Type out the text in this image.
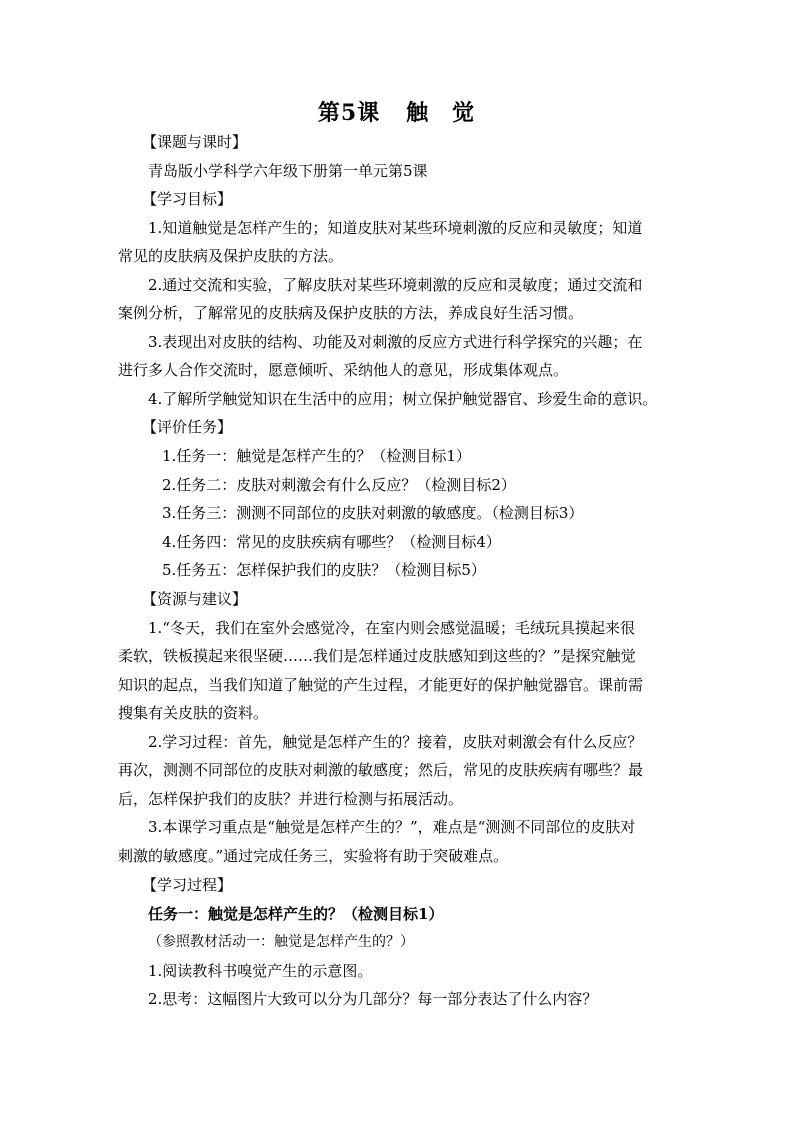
第5课 触　觉
【课题与课时】
青岛版小学科学六年级下册第一单元第5课
【学习目标】
1.知道触觉是怎样产生的；知道皮肤对某些环境刺激的反应和灵敏度；知道
常见的皮肤病及保护皮肤的方法。
2.通过交流和实验，了解皮肤对某些环境刺激的反应和灵敏度；通过交流和
案例分析，了解常见的皮肤病及保护皮肤的方法，养成良好生活习惯。
3.表现出对皮肤的结构、功能及对刺激的反应方式进行科学探究的兴趣；在
进行多人合作交流时，愿意倾听、采纳他人的意见，形成集体观点。
4.了解所学触觉知识在生活中的应用；树立保护触觉器官、珍爱生命的意识。
【评价任务】
1.任务一：触觉是怎样产生的？（检测目标1）
2.任务二：皮肤对刺激会有什么反应？（检测目标2）
3.任务三：测测不同部位的皮肤对刺激的敏感度。（检测目标3）
4.任务四：常见的皮肤疾病有哪些？（检测目标4）
5.任务五：怎样保护我们的皮肤？（检测目标5）
【资源与建议】
1.“冬天，我们在室外会感觉冷，在室内则会感觉温暖；毛绒玩具摸起来很
柔软，铁板摸起来很坚硬……我们是怎样通过皮肤感知到这些的？”是探究触觉
知识的起点，当我们知道了触觉的产生过程，才能更好的保护触觉器官。课前需
搜集有关皮肤的资料。
2.学习过程：首先，触觉是怎样产生的？接着，皮肤对刺激会有什么反应？
再次，测测不同部位的皮肤对刺激的敏感度；然后，常见的皮肤疾病有哪些？最
后，怎样保护我们的皮肤？并进行检测与拓展活动。
3.本课学习重点是“触觉是怎样产生的？”，难点是“测测不同部位的皮肤对
刺激的敏感度。”通过完成任务三，实验将有助于突破难点。
【学习过程】
任务一：触觉是怎样产生的？（检测目标1）
（参照教材活动一：触觉是怎样产生的？）
1.阅读教科书嗅觉产生的示意图。
2.思考：这幅图片大致可以分为几部分？每一部分表达了什么内容？
